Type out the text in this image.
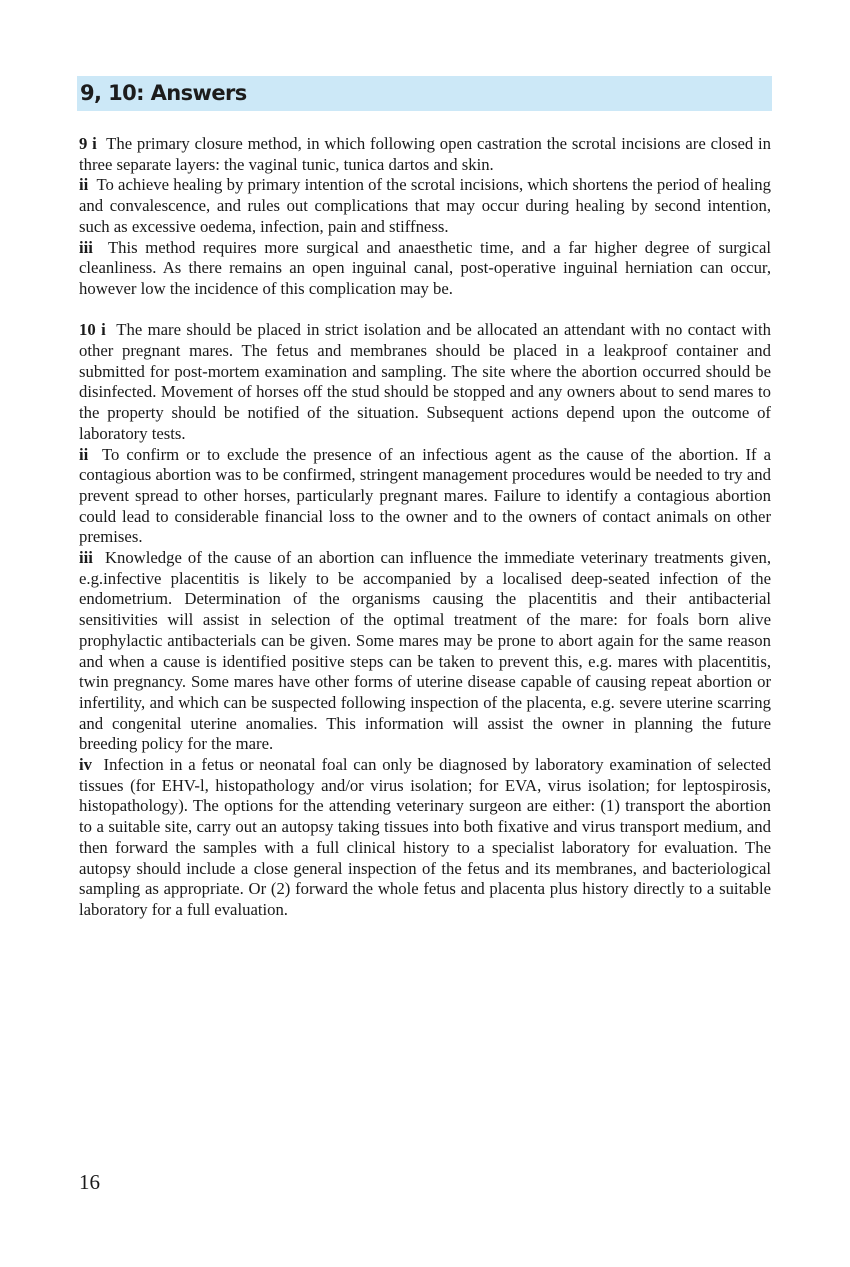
9, 10: Answers

9 i The primary closure method, in which following open castration the scrotal incisions are closed in three separate layers: the vaginal tunic, tunica dartos and skin.

ii To achieve healing by primary intention of the scrotal incisions, which shortens the period of healing and convalescence, and rules out complications that may occur during healing by second intention, such as excessive oedema, infection, pain and stiffness.

iii This method requires more surgical and anaesthetic time, and a far higher degree of surgical cleanliness. As there remains an open inguinal canal, post-operative inguinal herniation can occur, however low the incidence of this complication may be.

10 i The mare should be placed in strict isolation and be allocated an attendant with no contact with other pregnant mares. The fetus and membranes should be placed in a leakproof container and submitted for post-mortem examination and sampling. The site where the abortion occurred should be disinfected. Movement of horses off the stud should be stopped and any owners about to send mares to the property should be notified of the situation. Subsequent actions depend upon the outcome of laboratory tests.

ii To confirm or to exclude the presence of an infectious agent as the cause of the abortion. If a contagious abortion was to be confirmed, stringent management procedures would be needed to try and prevent spread to other horses, particularly pregnant mares. Failure to identify a contagious abortion could lead to considerable financial loss to the owner and to the owners of contact animals on other premises.

iii Knowledge of the cause of an abortion can influence the immediate veterinary treatments given, e.g.infective placentitis is likely to be accompanied by a localised deep-seated infection of the endometrium. Determination of the organisms causing the placentitis and their antibacterial sensitivities will assist in selection of the optimal treatment of the mare: for foals born alive prophylactic antibacterials can be given. Some mares may be prone to abort again for the same reason and when a cause is identified positive steps can be taken to prevent this, e.g. mares with placentitis, twin pregnancy. Some mares have other forms of uterine disease capable of causing repeat abortion or infertility, and which can be suspected following inspection of the placenta, e.g. severe uterine scarring and congenital uterine anomalies. This information will assist the owner in planning the future breeding policy for the mare.

iv Infection in a fetus or neonatal foal can only be diagnosed by laboratory examination of selected tissues (for EHV-l, histopathology and/or virus isolation; for EVA, virus isolation; for leptospirosis, histopathology). The options for the attending veterinary surgeon are either: (1) transport the abortion to a suitable site, carry out an autopsy taking tissues into both fixative and virus transport medium, and then forward the samples with a full clinical history to a specialist laboratory for evaluation. The autopsy should include a close general inspection of the fetus and its membranes, and bacteriological sampling as appropriate. Or (2) forward the whole fetus and placenta plus history directly to a suitable laboratory for a full evaluation.

16
